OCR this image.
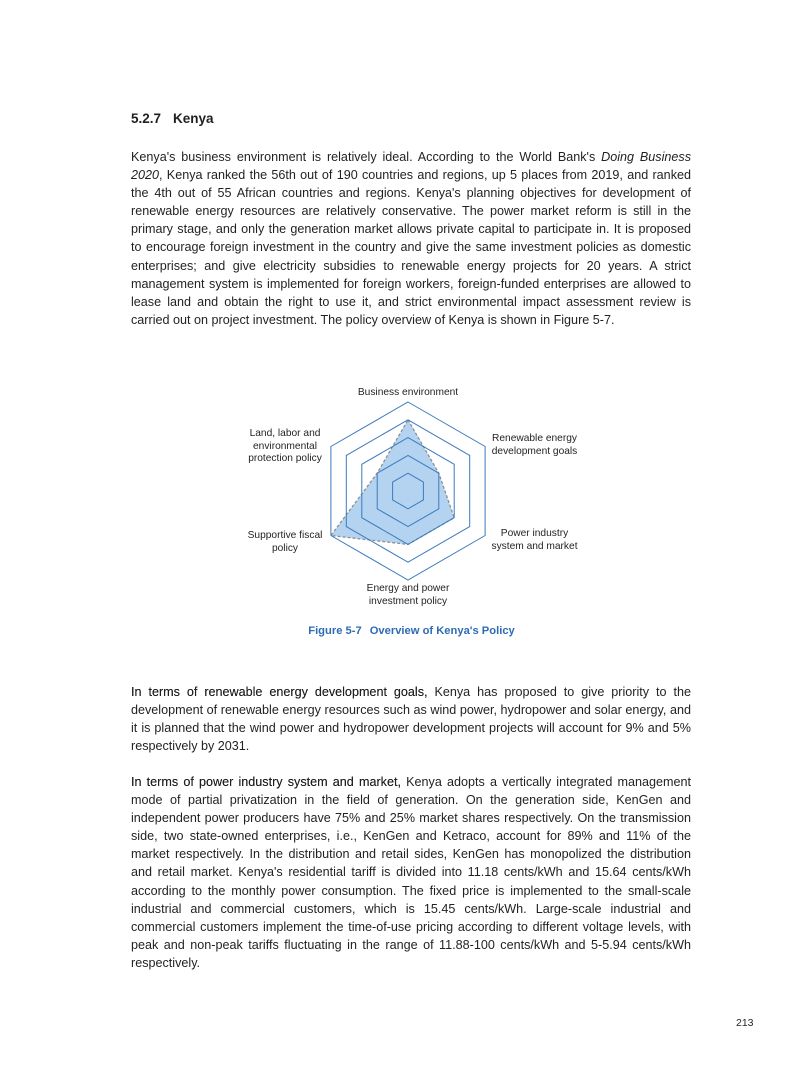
5.2.7 Kenya

Kenya's business environment is relatively ideal. According to the World Bank's Doing Business 2020, Kenya ranked the 56th out of 190 countries and regions, up 5 places from 2019, and ranked the 4th out of 55 African countries and regions. Kenya's planning objectives for development of renewable energy resources are relatively conservative. The power market reform is still in the primary stage, and only the generation market allows private capital to participate in. It is proposed to encourage foreign investment in the country and give the same investment policies as domestic enterprises; and give electricity subsidies to renewable energy projects for 20 years. A strict management system is implemented for foreign workers, foreign-funded enterprises are allowed to lease land and obtain the right to use it, and strict environmental impact assessment review is carried out on project investment. The policy overview of Kenya is shown in Figure 5-7.

Business environment
Renewable energy
development goals
Power industry
system and market
Energy and power
investment policy
Supportive fiscal
policy
Land, labor and
environmental
protection policy
Figure 5-7 Overview of Kenya's Policy

In terms of renewable energy development goals, Kenya has proposed to give priority to the development of renewable energy resources such as wind power, hydropower and solar energy, and it is planned that the wind power and hydropower development projects will account for 9% and 5% respectively by 2031.

In terms of power industry system and market, Kenya adopts a vertically integrated management mode of partial privatization in the field of generation. On the generation side, KenGen and independent power producers have 75% and 25% market shares respectively. On the transmission side, two state-owned enterprises, i.e., KenGen and Ketraco, account for 89% and 11% of the market respectively. In the distribution and retail sides, KenGen has monopolized the distribution and retail market. Kenya's residential tariff is divided into 11.18 cents/kWh and 15.64 cents/kWh according to the monthly power consumption. The fixed price is implemented to the small-scale industrial and commercial customers, which is 15.45 cents/kWh. Large-scale industrial and commercial customers implement the time-of-use pricing according to different voltage levels, with peak and non-peak tariffs fluctuating in the range of 11.88-100 cents/kWh and 5-5.94 cents/kWh respectively.

213
